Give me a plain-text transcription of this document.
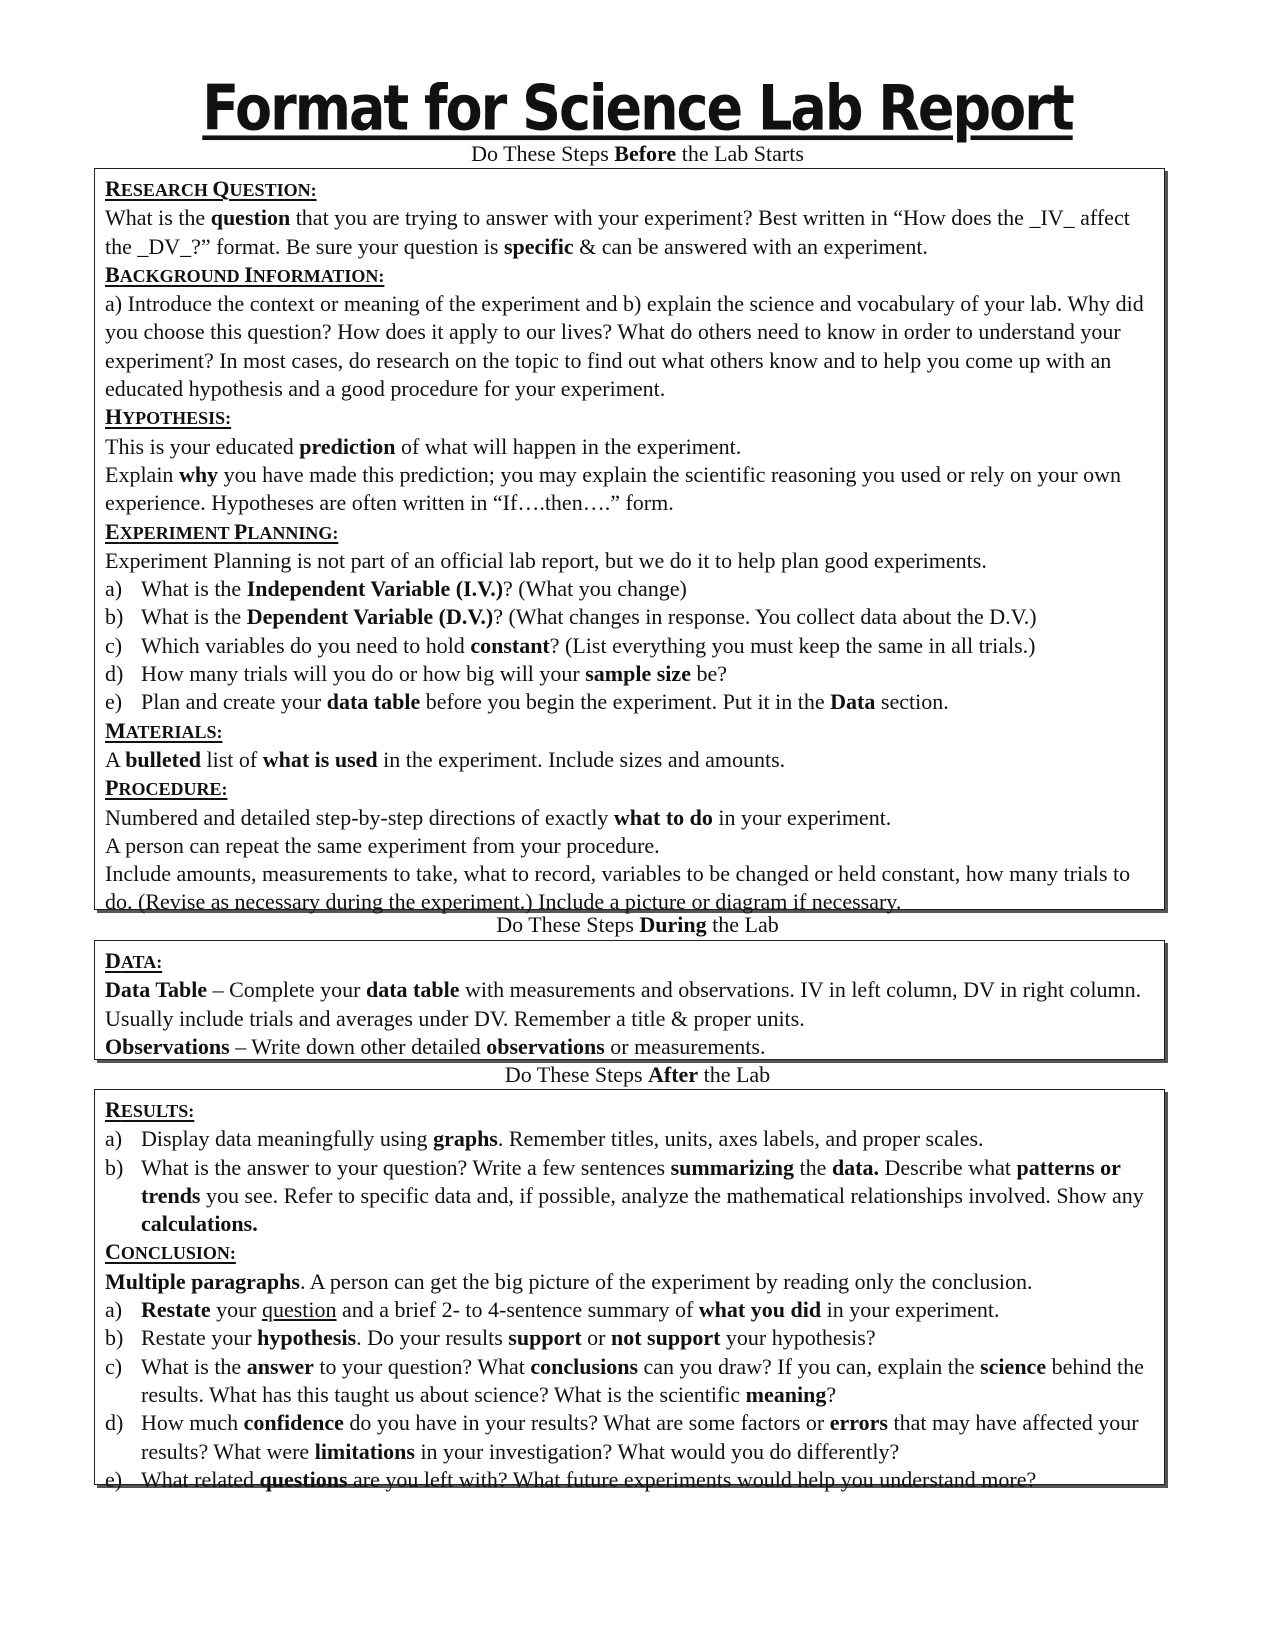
Format for Science Lab Report
Do These Steps Before the Lab Starts
RESEARCH QUESTION:

What is the question that you are trying to answer with your experiment? Best written in “How does the _IV_ affect the _DV_?” format. Be sure your question is specific & can be answered with an experiment.

BACKGROUND INFORMATION:

a) Introduce the context or meaning of the experiment and b) explain the science and vocabulary of your lab. Why did you choose this question? How does it apply to our lives? What do others need to know in order to understand your experiment? In most cases, do research on the topic to find out what others know and to help you come up with an educated hypothesis and a good procedure for your experiment.

HYPOTHESIS:

This is your educated prediction of what will happen in the experiment.

Explain why you have made this prediction; you may explain the scientific reasoning you used or rely on your own experience. Hypotheses are often written in “If….then….” form.

EXPERIMENT PLANNING:

Experiment Planning is not part of an official lab report, but we do it to help plan good experiments.

a) What is the Independent Variable (I.V.)? (What you change)
b) What is the Dependent Variable (D.V.)? (What changes in response. You collect data about the D.V.)
c) Which variables do you need to hold constant? (List everything you must keep the same in all trials.)
d) How many trials will you do or how big will your sample size be?
e) Plan and create your data table before you begin the experiment. Put it in the Data section.
MATERIALS:

A bulleted list of what is used in the experiment. Include sizes and amounts.

PROCEDURE:

Numbered and detailed step-by-step directions of exactly what to do in your experiment.

A person can repeat the same experiment from your procedure.

Include amounts, measurements to take, what to record, variables to be changed or held constant, how many trials to do. (Revise as necessary during the experiment.) Include a picture or diagram if necessary.

Do These Steps During the Lab
DATA:

Data Table – Complete your data table with measurements and observations. IV in left column, DV in right column. Usually include trials and averages under DV. Remember a title & proper units.

Observations – Write down other detailed observations or measurements.

Do These Steps After the Lab
RESULTS:
a) Display data meaningfully using graphs. Remember titles, units, axes labels, and proper scales.
b) What is the answer to your question? Write a few sentences summarizing the data. Describe what patterns or trends you see. Refer to specific data and, if possible, analyze the mathematical relationships involved. Show any calculations.
CONCLUSION:

Multiple paragraphs. A person can get the big picture of the experiment by reading only the conclusion.

a) Restate your question and a brief 2- to 4-sentence summary of what you did in your experiment.
b) Restate your hypothesis. Do your results support or not support your hypothesis?
c) What is the answer to your question? What conclusions can you draw? If you can, explain the science behind the results. What has this taught us about science? What is the scientific meaning?
d) How much confidence do you have in your results? What are some factors or errors that may have affected your results? What were limitations in your investigation? What would you do differently?
e) What related questions are you left with? What future experiments would help you understand more?
